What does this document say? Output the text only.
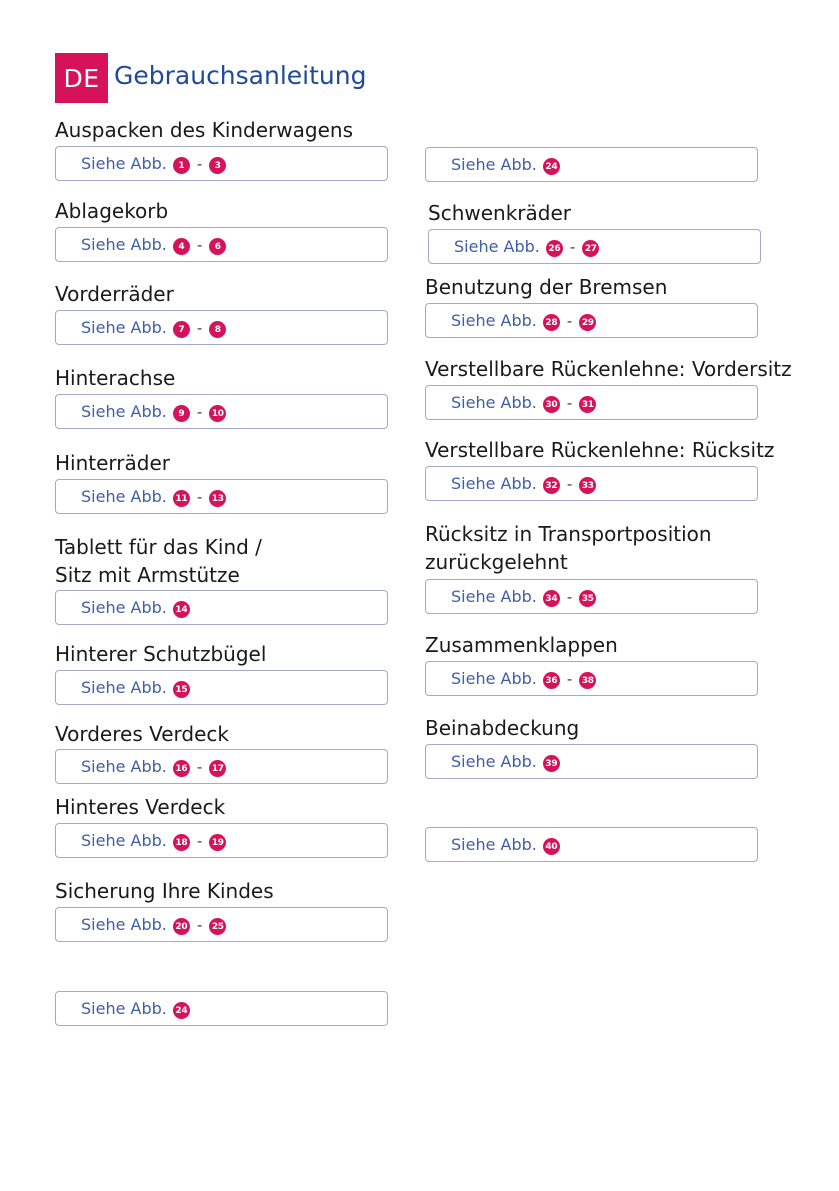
DE Gebrauchsanleitung
Auspacken des Kinderwagens
Siehe Abb.	1 -	3
Ablagekorb
Siehe Abb.	4 -	6
Vorderräder
Siehe Abb.	7 -	8
Hinterachse
Siehe Abb.	9 - 10
Hinterräder
Siehe Abb. 11 - 13
Tablett für das Kind /
Sitz mit Armstütze
Siehe Abb. 14
Hinterer Schutzbügel
Siehe Abb. 15
Vorderes Verdeck
Siehe Abb. 16 - 17
Hinteres Verdeck
Siehe Abb. 18 - 19
Sicherung Ihre Kindes
Siehe Abb. 20 - 25
Siehe Abb. 24
Siehe Abb. 24
Schwenkräder
Siehe Abb. 26 - 27
Benutzung der Bremsen
Siehe Abb. 28 - 29
Verstellbare Rückenlehne: Vordersitz
Siehe Abb. 30 - 31
Verstellbare Rückenlehne: Rücksitz
Siehe Abb. 32 - 33
Rücksitz in Transportposition
zurückgelehnt
Siehe Abb. 34 - 35
Zusammenklappen
Siehe Abb. 36 - 38
Beinabdeckung
Siehe Abb. 39
Siehe Abb. 40
